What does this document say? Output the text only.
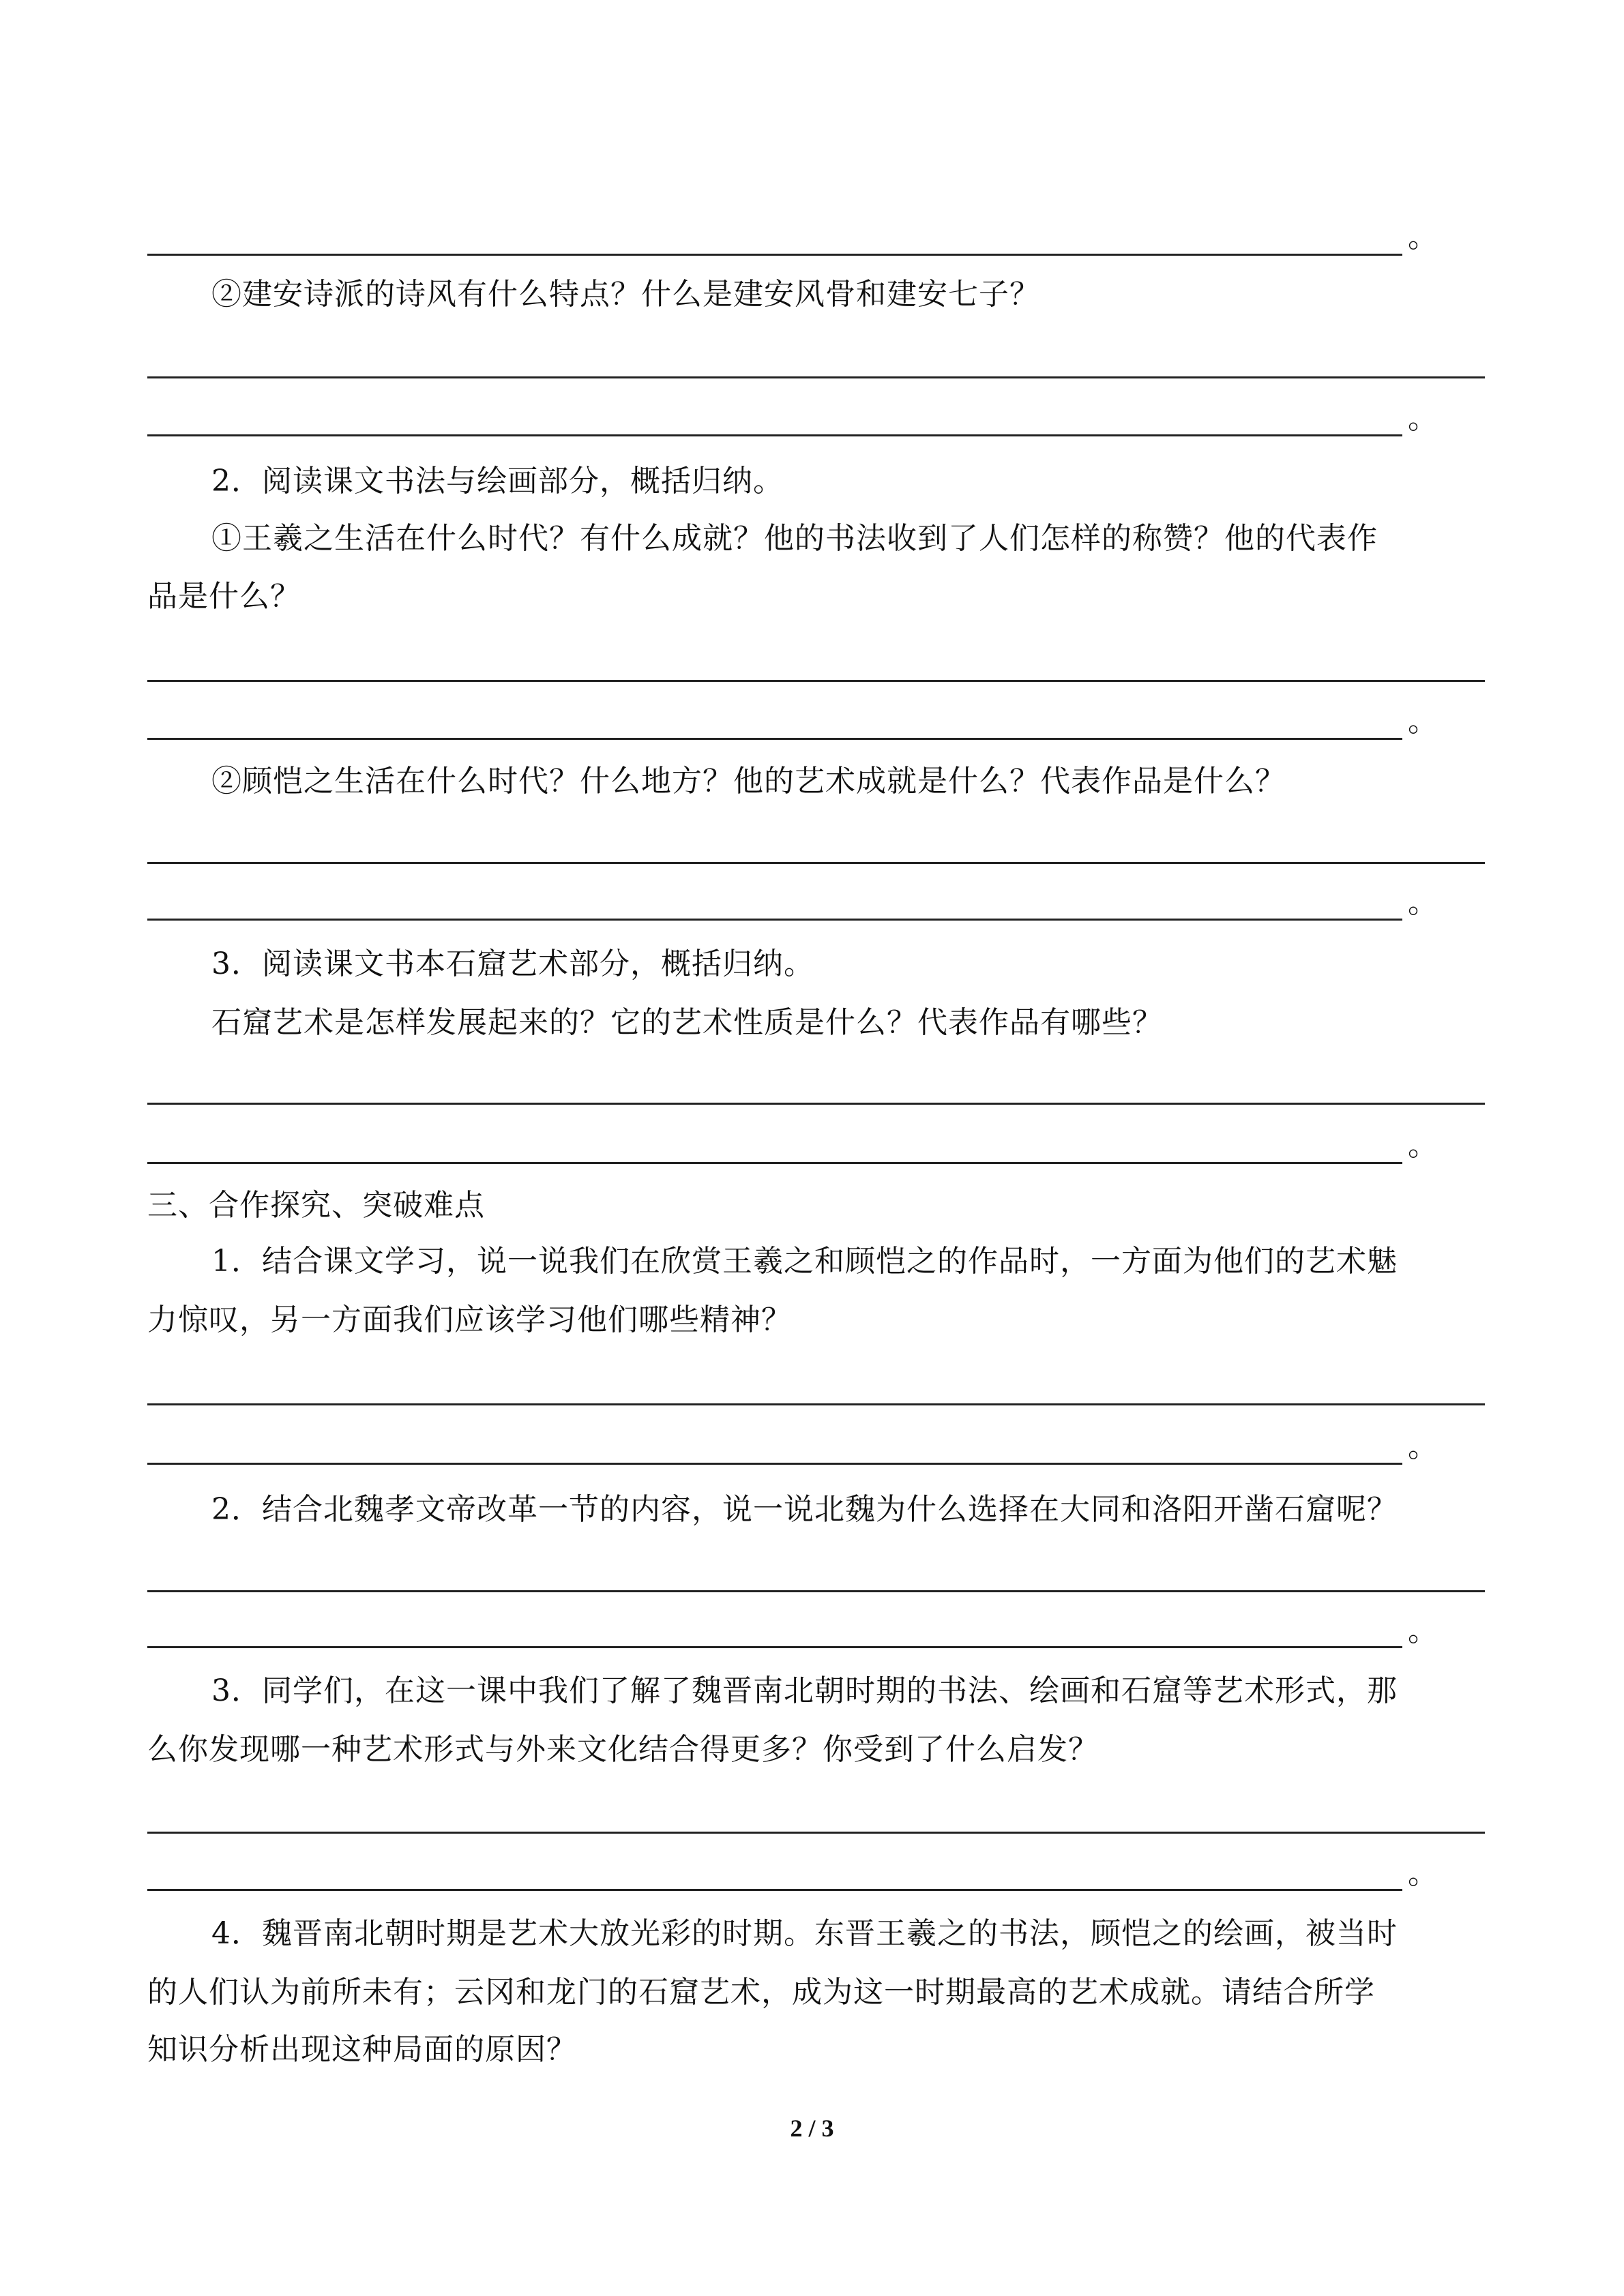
。
②建安诗派的诗风有什么特点？什么是建安风骨和建安七子？
。
2．阅读课文书法与绘画部分，概括归纳。
①王羲之生活在什么时代？有什么成就？他的书法收到了人们怎样的称赞？他的代表作
品是什么？
。
②顾恺之生活在什么时代？什么地方？他的艺术成就是什么？代表作品是什么？
。
3．阅读课文书本石窟艺术部分，概括归纳。
石窟艺术是怎样发展起来的？它的艺术性质是什么？代表作品有哪些？
。
三、合作探究、突破难点
1．结合课文学习，说一说我们在欣赏王羲之和顾恺之的作品时，一方面为他们的艺术魅
力惊叹，另一方面我们应该学习他们哪些精神？
。
2．结合北魏孝文帝改革一节的内容，说一说北魏为什么选择在大同和洛阳开凿石窟呢？
。
3．同学们，在这一课中我们了解了魏晋南北朝时期的书法、绘画和石窟等艺术形式，那
么你发现哪一种艺术形式与外来文化结合得更多？你受到了什么启发？
。
4．魏晋南北朝时期是艺术大放光彩的时期。东晋王羲之的书法，顾恺之的绘画，被当时
的人们认为前所未有；云冈和龙门的石窟艺术，成为这一时期最高的艺术成就。请结合所学
知识分析出现这种局面的原因？
2 / 3
